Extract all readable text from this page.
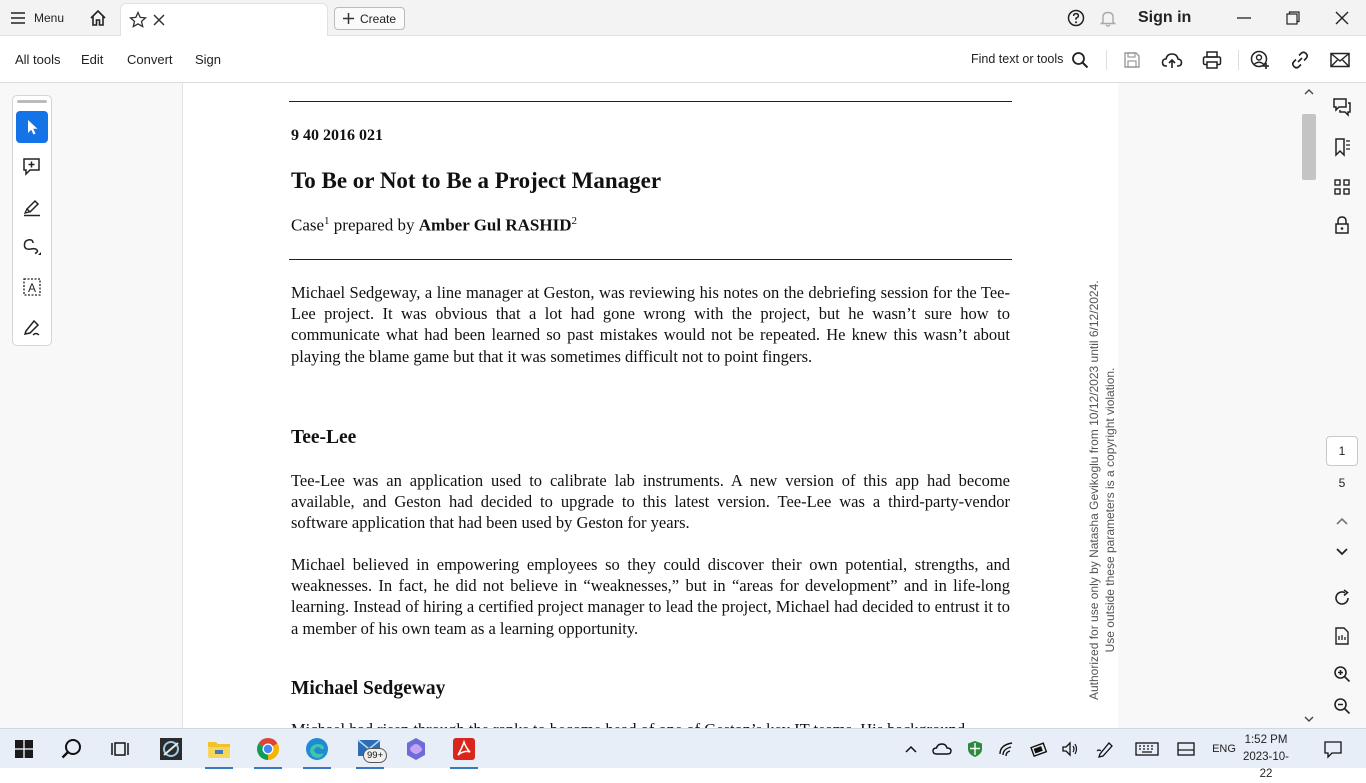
Menu	Create	Sign in
All tools Edit Convert Sign	Find text or tools
A
9 40 2016 021
To Be or Not to Be a Project Manager
Case$^1$ prepared by Amber Gul RASHID$^2$
Michael Sedgeway, a line manager at Geston, was reviewing his notes on the debriefing session for the Tee-Lee project. It was obvious that a lot had gone wrong with the project, but he wasn’t sure how to communicate what had been learned so past mistakes would not be repeated. He knew this wasn’t about playing the blame game but that it was sometimes difficult not to point fingers.
Tee-Lee
Tee-Lee was an application used to calibrate lab instruments. A new version of this app had become available, and Geston had decided to upgrade to this latest version. Tee-Lee was a third-party-vendor software application that had been used by Geston for years.
Michael believed in empowering employees so they could discover their own potential, strengths, and weaknesses. In fact, he did not believe in “weaknesses,” but in “areas for development” and in life-long learning. Instead of hiring a certified project manager to lead the project, Michael had decided to entrust it to a member of his own team as a learning opportunity.
Michael Sedgeway	Authorized for use only by Natasha Gevikoglu from 10/12/2023 until 6/12/2024. Use outside these parameters is a copyright violation.	1
5
99+
ENG
1:52 PM
2023-10-22
